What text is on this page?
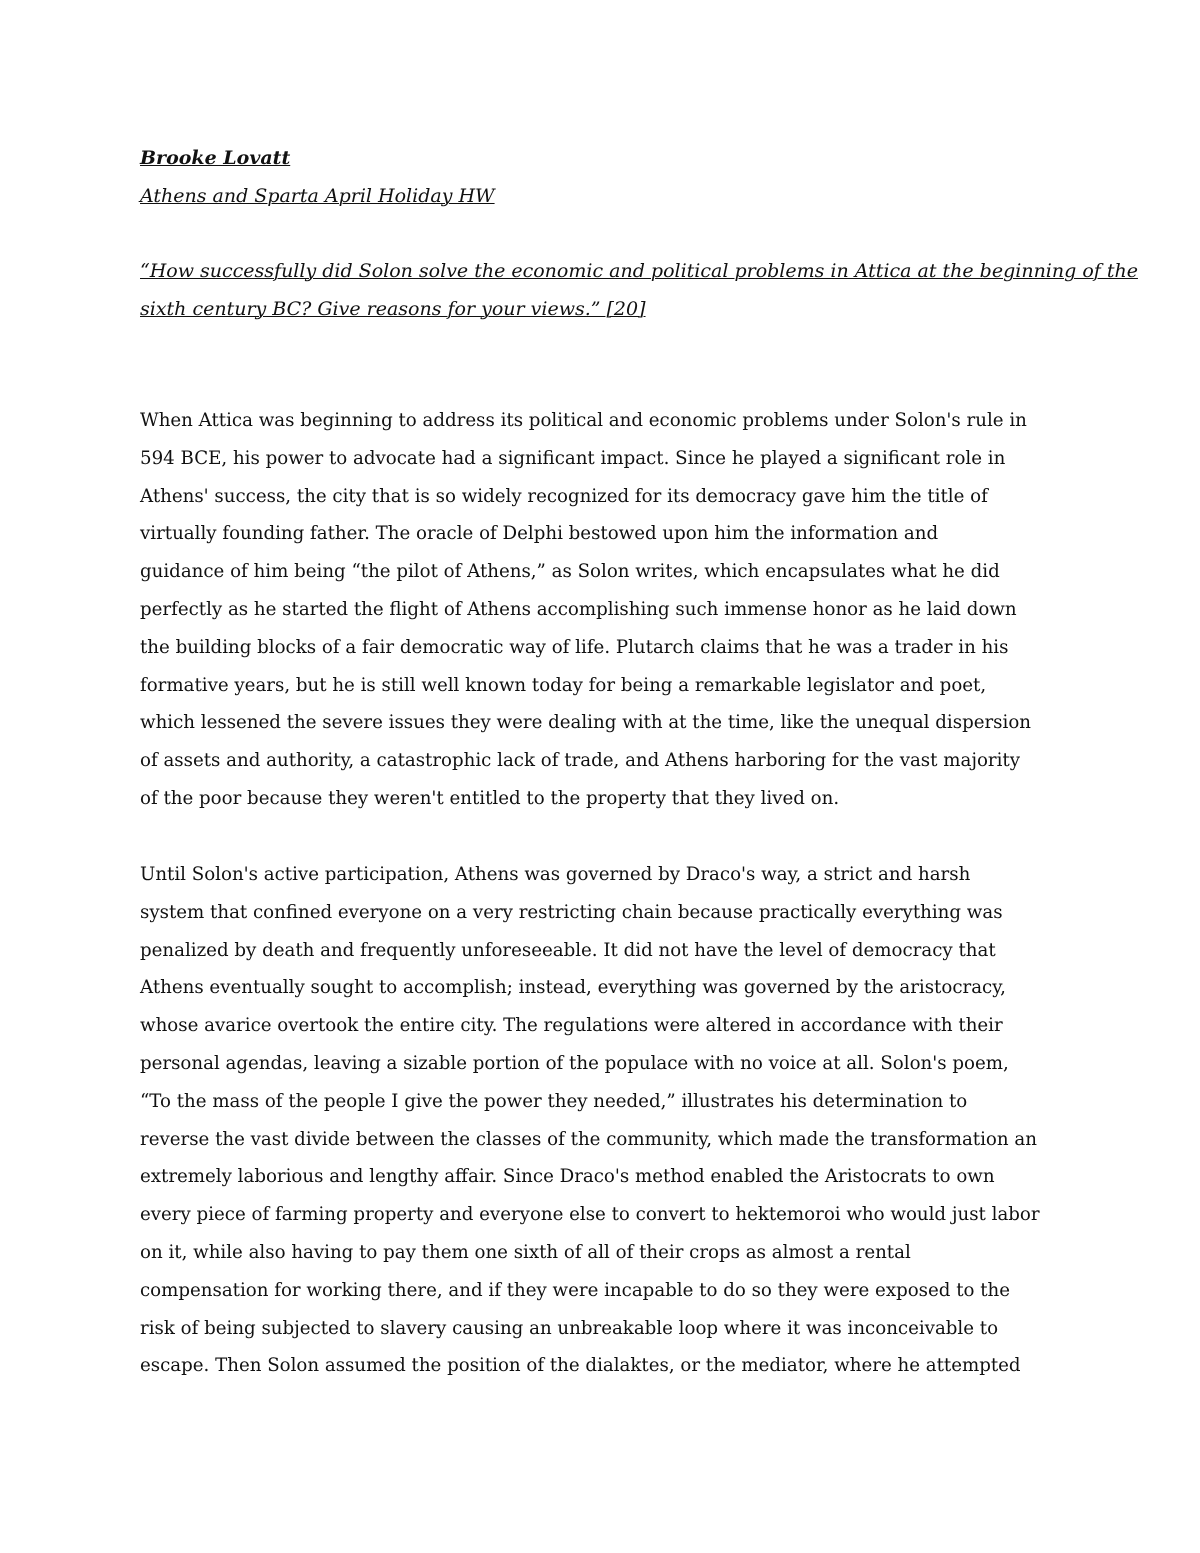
Brooke Lovatt

Athens and Sparta April Holiday HW

“How successfully did Solon solve the economic and political problems in Attica at the beginning of the
sixth century BC? Give reasons for your views.” [20]

When Attica was beginning to address its political and economic problems under Solon's rule in
594 BCE, his power to advocate had a significant impact. Since he played a significant role in
Athens' success, the city that is so widely recognized for its democracy gave him the title of
virtually founding father. The oracle of Delphi bestowed upon him the information and
guidance of him being “the pilot of Athens,” as Solon writes, which encapsulates what he did
perfectly as he started the flight of Athens accomplishing such immense honor as he laid down
the building blocks of a fair democratic way of life. Plutarch claims that he was a trader in his
formative years, but he is still well known today for being a remarkable legislator and poet,
which lessened the severe issues they were dealing with at the time, like the unequal dispersion
of assets and authority, a catastrophic lack of trade, and Athens harboring for the vast majority
of the poor because they weren't entitled to the property that they lived on.

Until Solon's active participation, Athens was governed by Draco's way, a strict and harsh
system that confined everyone on a very restricting chain because practically everything was
penalized by death and frequently unforeseeable. It did not have the level of democracy that
Athens eventually sought to accomplish; instead, everything was governed by the aristocracy,
whose avarice overtook the entire city. The regulations were altered in accordance with their
personal agendas, leaving a sizable portion of the populace with no voice at all. Solon's poem,
“To the mass of the people I give the power they needed,” illustrates his determination to
reverse the vast divide between the classes of the community, which made the transformation an
extremely laborious and lengthy affair. Since Draco's method enabled the Aristocrats to own
every piece of farming property and everyone else to convert to hektemoroi who would just labor
on it, while also having to pay them one sixth of all of their crops as almost a rental
compensation for working there, and if they were incapable to do so they were exposed to the
risk of being subjected to slavery causing an unbreakable loop where it was inconceivable to
escape. Then Solon assumed the position of the dialaktes, or the mediator, where he attempted
